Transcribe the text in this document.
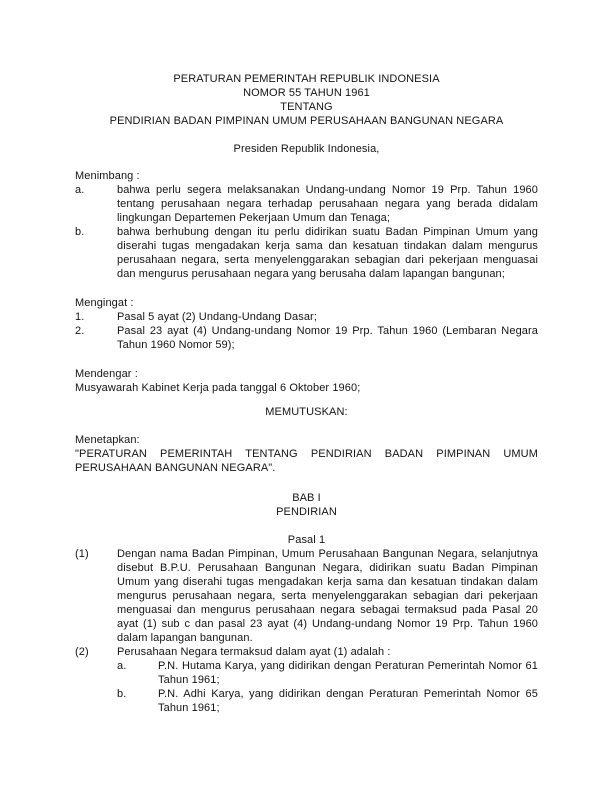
PERATURAN PEMERINTAH REPUBLIK INDONESIA
NOMOR 55 TAHUN 1961
TENTANG
PENDIRIAN BADAN PIMPINAN UMUM PERUSAHAAN BANGUNAN NEGARA
Presiden Republik Indonesia,
Menimbang :
a.	bahwa perlu segera melaksanakan Undang-undang Nomor 19 Prp. Tahun 1960 tentang perusahaan negara terhadap perusahaan negara yang berada didalam lingkungan Departemen Pekerjaan Umum dan Tenaga;
b.	bahwa berhubung dengan itu perlu didirikan suatu Badan Pimpinan Umum yang diserahi tugas mengadakan kerja sama dan kesatuan tindakan dalam mengurus perusahaan negara, serta menyelenggarakan sebagian dari pekerjaan menguasai dan mengurus perusahaan negara yang berusaha dalam lapangan bangunan;
Mengingat :
1.	Pasal 5 ayat (2) Undang-Undang Dasar;
2.	Pasal 23 ayat (4) Undang-undang Nomor 19 Prp. Tahun 1960 (Lembaran Negara Tahun 1960 Nomor 59);
Mendengar :
Musyawarah Kabinet Kerja pada tanggal 6 Oktober 1960;
MEMUTUSKAN:
Menetapkan:
"PERATURAN PEMERINTAH TENTANG PENDIRIAN BADAN PIMPINAN UMUM PERUSAHAAN BANGUNAN NEGARA".
BAB I
PENDIRIAN
Pasal 1
(1)	Dengan nama Badan Pimpinan, Umum Perusahaan Bangunan Negara, selanjutnya disebut B.P.U. Perusahaan Bangunan Negara, didirikan suatu Badan Pimpinan Umum yang diserahi tugas mengadakan kerja sama dan kesatuan tindakan dalam mengurus perusahaan negara, serta menyelenggarakan sebagian dari pekerjaan menguasai dan mengurus perusahaan negara sebagai termaksud pada Pasal 20 ayat (1) sub c dan pasal 23 ayat (4) Undang-undang Nomor 19 Prp. Tahun 1960 dalam lapangan bangunan.
(2)	Perusahaan Negara termaksud dalam ayat (1) adalah :
a.	P.N. Hutama Karya, yang didirikan dengan Peraturan Pemerintah Nomor 61 Tahun 1961;
b.	P.N. Adhi Karya, yang didirikan dengan Peraturan Pemerintah Nomor 65 Tahun 1961;
